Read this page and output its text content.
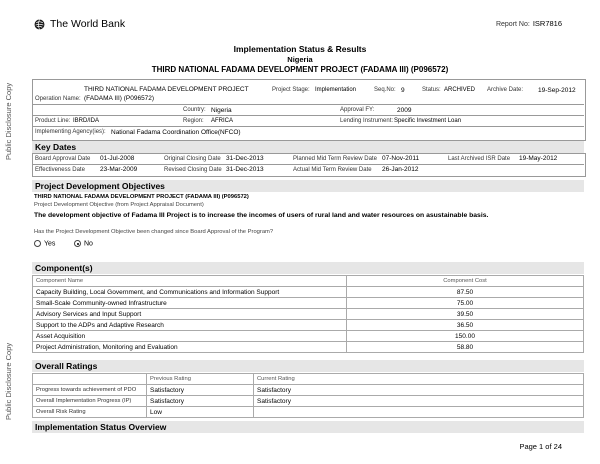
Public Disclosure Copy
Public Disclosure Copy
The World Bank	Report No: ISR7816
Implementation Status & Results
Nigeria
THIRD NATIONAL FADAMA DEVELOPMENT PROJECT (FADAMA III) (P096572)
Operation Name:
THIRD NATIONAL FADAMA DEVELOPMENT PROJECT
(FADAMA III) (P096572)
Project Stage: Implementation	Seq.No: 9	Status: ARCHIVED Archive Date: 19-Sep-2012
Country: Nigeria	Approval FY:	2009
Product Line: IBRD/IDA	Region: AFRICA	Lending Instrument: Specific Investment Loan
Implementing Agency(ies): National Fadama Coordination Office(NFCO)
Key Dates
Board Approval Date 01-Jul-2008	Original Closing Date 31-Dec-2013	Planned Mid Term Review Date 07-Nov-2011	Last Archived ISR Date 19-May-2012
Effectiveness Date 23-Mar-2009	Revised Closing Date 31-Dec-2013	Actual Mid Term Review Date 26-Jan-2012
Project Development Objectives
THIRD NATIONAL FADAMA DEVELOPMENT PROJECT (FADAMA III) (P096572)
Project Development Objective (from Project Appraisal Document)
The development objective of Fadama III Project is to increase the incomes of users of rural land and water resources on asustainable basis.
Has the Project Development Objective been changed since Board Approval of the Program?
Yes	No
Component(s)
Component Name	Component Cost
Capacity Building, Local Government, and Communications and Information Support	87.50
Small-Scale Community-owned Infrastructure	75.00
Advisory Services and Input Support	39.50
Support to the ADPs and Adaptive Research	36.50
Asset Acquisition	150.00
Project Administration, Monitoring and Evaluation	58.80
Overall Ratings
	Previous Rating	Current Rating
Progress towards achievement of PDO	Satisfactory	Satisfactory
Overall Implementation Progress (IP)	Satisfactory	Satisfactory
Overall Risk Rating	Low	
Implementation Status Overview
Page 1 of 24
